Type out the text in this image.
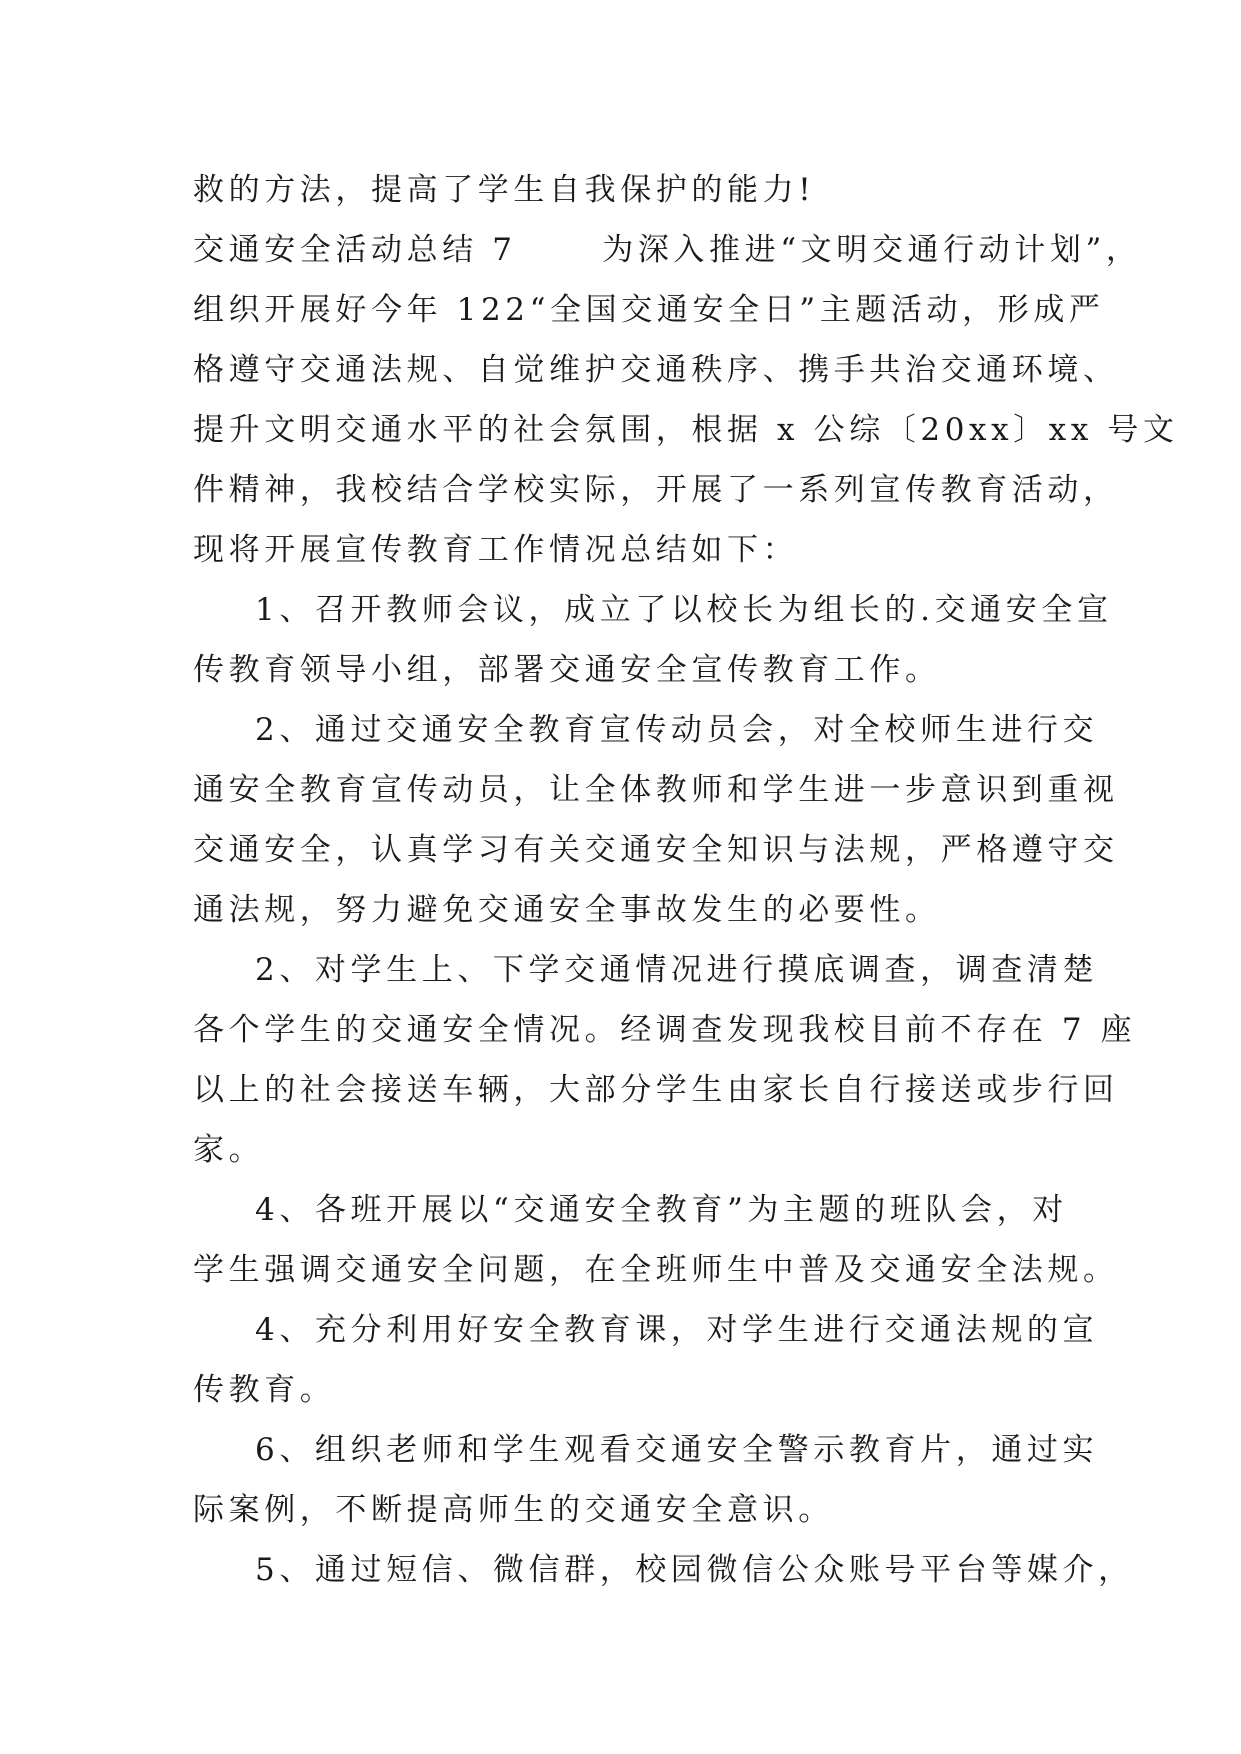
救的方法，提高了学生自我保护的能力!
交通安全活动总结 7　　 为深入推进“文明交通行动计划”，
组织开展好今年 122“全国交通安全日”主题活动，形成严
格遵守交通法规、自觉维护交通秩序、携手共治交通环境、
提升文明交通水平的社会氛围，根据 x 公综〔20xx〕xx 号文
件精神，我校结合学校实际，开展了一系列宣传教育活动，
现将开展宣传教育工作情况总结如下：
1、召开教师会议，成立了以校长为组长的.交通安全宣
传教育领导小组，部署交通安全宣传教育工作。
2、通过交通安全教育宣传动员会，对全校师生进行交
通安全教育宣传动员，让全体教师和学生进一步意识到重视
交通安全，认真学习有关交通安全知识与法规，严格遵守交
通法规，努力避免交通安全事故发生的必要性。
2、对学生上、下学交通情况进行摸底调查，调查清楚
各个学生的交通安全情况。经调查发现我校目前不存在 7 座
以上的社会接送车辆，大部分学生由家长自行接送或步行回
家。
4、各班开展以“交通安全教育”为主题的班队会，对
学生强调交通安全问题，在全班师生中普及交通安全法规。
4、充分利用好安全教育课，对学生进行交通法规的宣
传教育。
6、组织老师和学生观看交通安全警示教育片，通过实
际案例，不断提高师生的交通安全意识。
5、通过短信、微信群，校园微信公众账号平台等媒介，
